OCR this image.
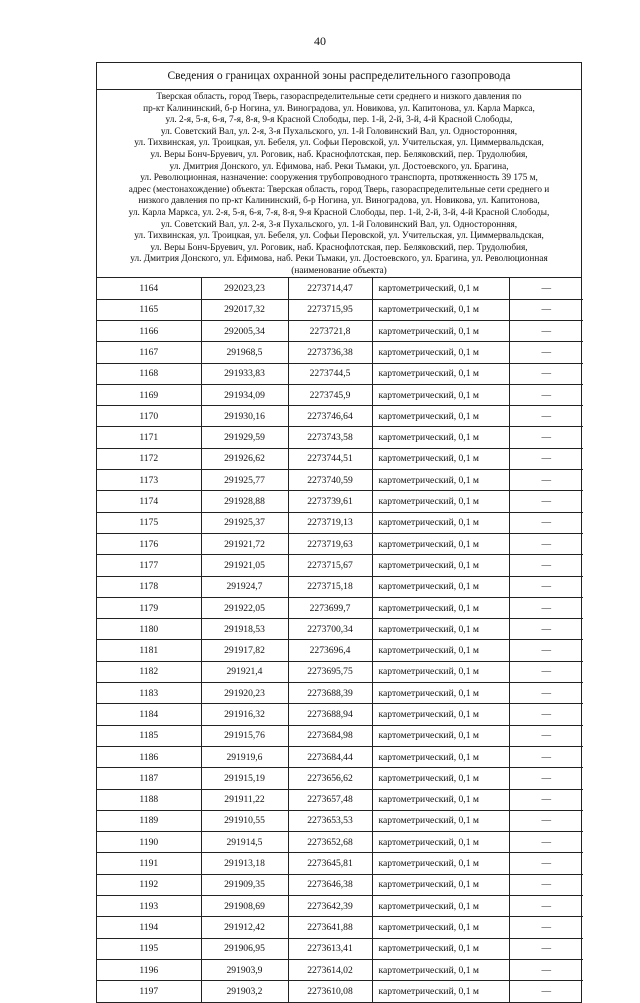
40
Сведения о границах охранной зоны распределительного газопровода
Тверская область, город Тверь, газораспределительные сети среднего и низкого давления по
пр-кт Калининский, б-р Ногина, ул. Виноградова, ул. Новикова, ул. Капитонова, ул. Карла Маркса,
ул. 2-я, 5-я, 6-я, 7-я, 8-я, 9-я Красной Слободы, пер. 1-й, 2-й, 3-й, 4-й Красной Слободы,
ул. Советский Вал, ул. 2-я, 3-я Пухальского, ул. 1-й Головинский Вал, ул. Односторонняя,
ул. Тихвинская, ул. Троицкая, ул. Бебеля, ул. Софьи Перовской, ул. Учительская, ул. Циммервальдская,
ул. Веры Бонч-Бруевич, ул. Роговик, наб. Краснофлотская, пер. Беляковский, пер. Трудолюбия,
ул. Дмитрия Донского, ул. Ефимова, наб. Реки Тьмаки, ул. Достоевского, ул. Брагина,
ул. Революционная, назначение: сооружения трубопроводного транспорта, протяженность 39 175 м,
адрес (местонахождение) объекта: Тверская область, город Тверь, газораспределительные сети среднего и
низкого давления по пр-кт Калининский, б-р Ногина, ул. Виноградова, ул. Новикова, ул. Капитонова,
ул. Карла Маркса, ул. 2-я, 5-я, 6-я, 7-я, 8-я, 9-я Красной Слободы, пер. 1-й, 2-й, 3-й, 4-й Красной Слободы,
ул. Советский Вал, ул. 2-я, 3-я Пухальского, ул. 1-й Головинский Вал, ул. Односторонняя,
ул. Тихвинская, ул. Троицкая, ул. Бебеля, ул. Софьи Перовской, ул. Учительская, ул. Циммервальдская,
ул. Веры Бонч-Бруевич, ул. Роговик, наб. Краснофлотская, пер. Беляковский, пер. Трудолюбия,
ул. Дмитрия Донского, ул. Ефимова, наб. Реки Тьмаки, ул. Достоевского, ул. Брагина, ул. Революционная
(наименование объекта)
1164	292023,23	2273714,47	картометрический, 0,1 м	—
1165	292017,32	2273715,95	картометрический, 0,1 м	—
1166	292005,34	2273721,8	картометрический, 0,1 м	—
1167	291968,5	2273736,38	картометрический, 0,1 м	—
1168	291933,83	2273744,5	картометрический, 0,1 м	—
1169	291934,09	2273745,9	картометрический, 0,1 м	—
1170	291930,16	2273746,64	картометрический, 0,1 м	—
1171	291929,59	2273743,58	картометрический, 0,1 м	—
1172	291926,62	2273744,51	картометрический, 0,1 м	—
1173	291925,77	2273740,59	картометрический, 0,1 м	—
1174	291928,88	2273739,61	картометрический, 0,1 м	—
1175	291925,37	2273719,13	картометрический, 0,1 м	—
1176	291921,72	2273719,63	картометрический, 0,1 м	—
1177	291921,05	2273715,67	картометрический, 0,1 м	—
1178	291924,7	2273715,18	картометрический, 0,1 м	—
1179	291922,05	2273699,7	картометрический, 0,1 м	—
1180	291918,53	2273700,34	картометрический, 0,1 м	—
1181	291917,82	2273696,4	картометрический, 0,1 м	—
1182	291921,4	2273695,75	картометрический, 0,1 м	—
1183	291920,23	2273688,39	картометрический, 0,1 м	—
1184	291916,32	2273688,94	картометрический, 0,1 м	—
1185	291915,76	2273684,98	картометрический, 0,1 м	—
1186	291919,6	2273684,44	картометрический, 0,1 м	—
1187	291915,19	2273656,62	картометрический, 0,1 м	—
1188	291911,22	2273657,48	картометрический, 0,1 м	—
1189	291910,55	2273653,53	картометрический, 0,1 м	—
1190	291914,5	2273652,68	картометрический, 0,1 м	—
1191	291913,18	2273645,81	картометрический, 0,1 м	—
1192	291909,35	2273646,38	картометрический, 0,1 м	—
1193	291908,69	2273642,39	картометрический, 0,1 м	—
1194	291912,42	2273641,88	картометрический, 0,1 м	—
1195	291906,95	2273613,41	картометрический, 0,1 м	—
1196	291903,9	2273614,02	картометрический, 0,1 м	—
1197	291903,2	2273610,08	картометрический, 0,1 м	—
